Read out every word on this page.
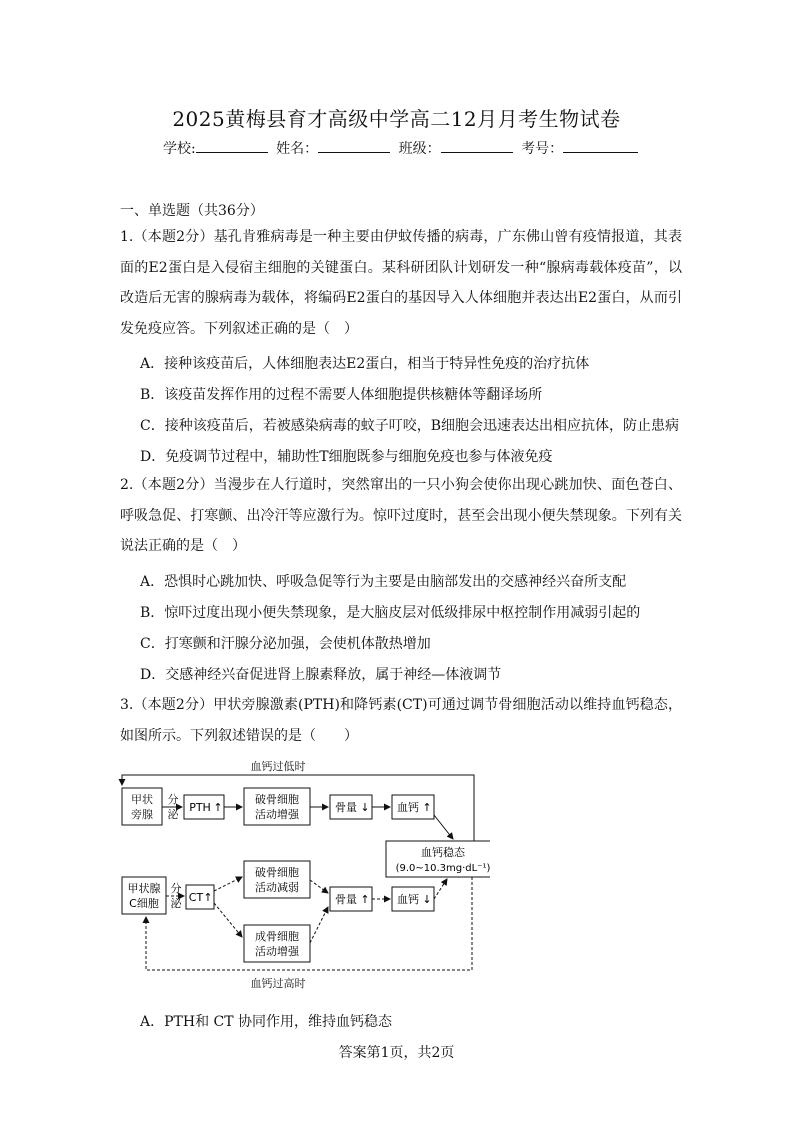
2025黄梅县育才高级中学高二12月月考生物试卷
学校:	姓名：	班级：	考号：
一、单选题（共36分）
1.（本题2分）基孔肯雅病毒是一种主要由伊蚊传播的病毒，广东佛山曾有疫情报道，其表面的E2蛋白是入侵宿主细胞的关键蛋白。某科研团队计划研发一种“腺病毒载体疫苗”，以改造后无害的腺病毒为载体，将编码E2蛋白的基因导入人体细胞并表达出E2蛋白，从而引发免疫应答。下列叙述正确的是（　）
A．接种该疫苗后，人体细胞表达E2蛋白，相当于特异性免疫的治疗抗体
B．该疫苗发挥作用的过程不需要人体细胞提供核糖体等翻译场所
C．接种该疫苗后，若被感染病毒的蚊子叮咬，B细胞会迅速表达出相应抗体，防止患病
D．免疫调节过程中，辅助性T细胞既参与细胞免疫也参与体液免疫
2.（本题2分）当漫步在人行道时，突然窜出的一只小狗会使你出现心跳加快、面色苍白、呼吸急促、打寒颤、出冷汗等应激行为。惊吓过度时，甚至会出现小便失禁现象。下列有关说法正确的是（　）
A．恐惧时心跳加快、呼吸急促等行为主要是由脑部发出的交感神经兴奋所支配
B．惊吓过度出现小便失禁现象，是大脑皮层对低级排尿中枢控制作用减弱引起的
C．打寒颤和汗腺分泌加强，会使机体散热增加
D．交感神经兴奋促进肾上腺素释放，属于神经—体液调节
3.（本题2分）甲状旁腺激素(PTH)和降钙素(CT)可通过调节骨细胞活动以维持血钙稳态，如图所示。下列叙述错误的是（　　）
血钙过低时
血钙过高时
甲状
旁腺
分
泌
PTH ↑
破骨细胞
活动增强
骨量 ↓ 血钙 ↑
血钙稳态
(9.0~10.3mg·dL⁻¹)
甲状腺
C细胞
分
泌 CT ↑
破骨细胞
活动减弱
成骨细胞
活动增强
骨量 ↑ 血钙 ↓
A．PTH和 CT 协同作用，维持血钙稳态
答案第1页，共2页
